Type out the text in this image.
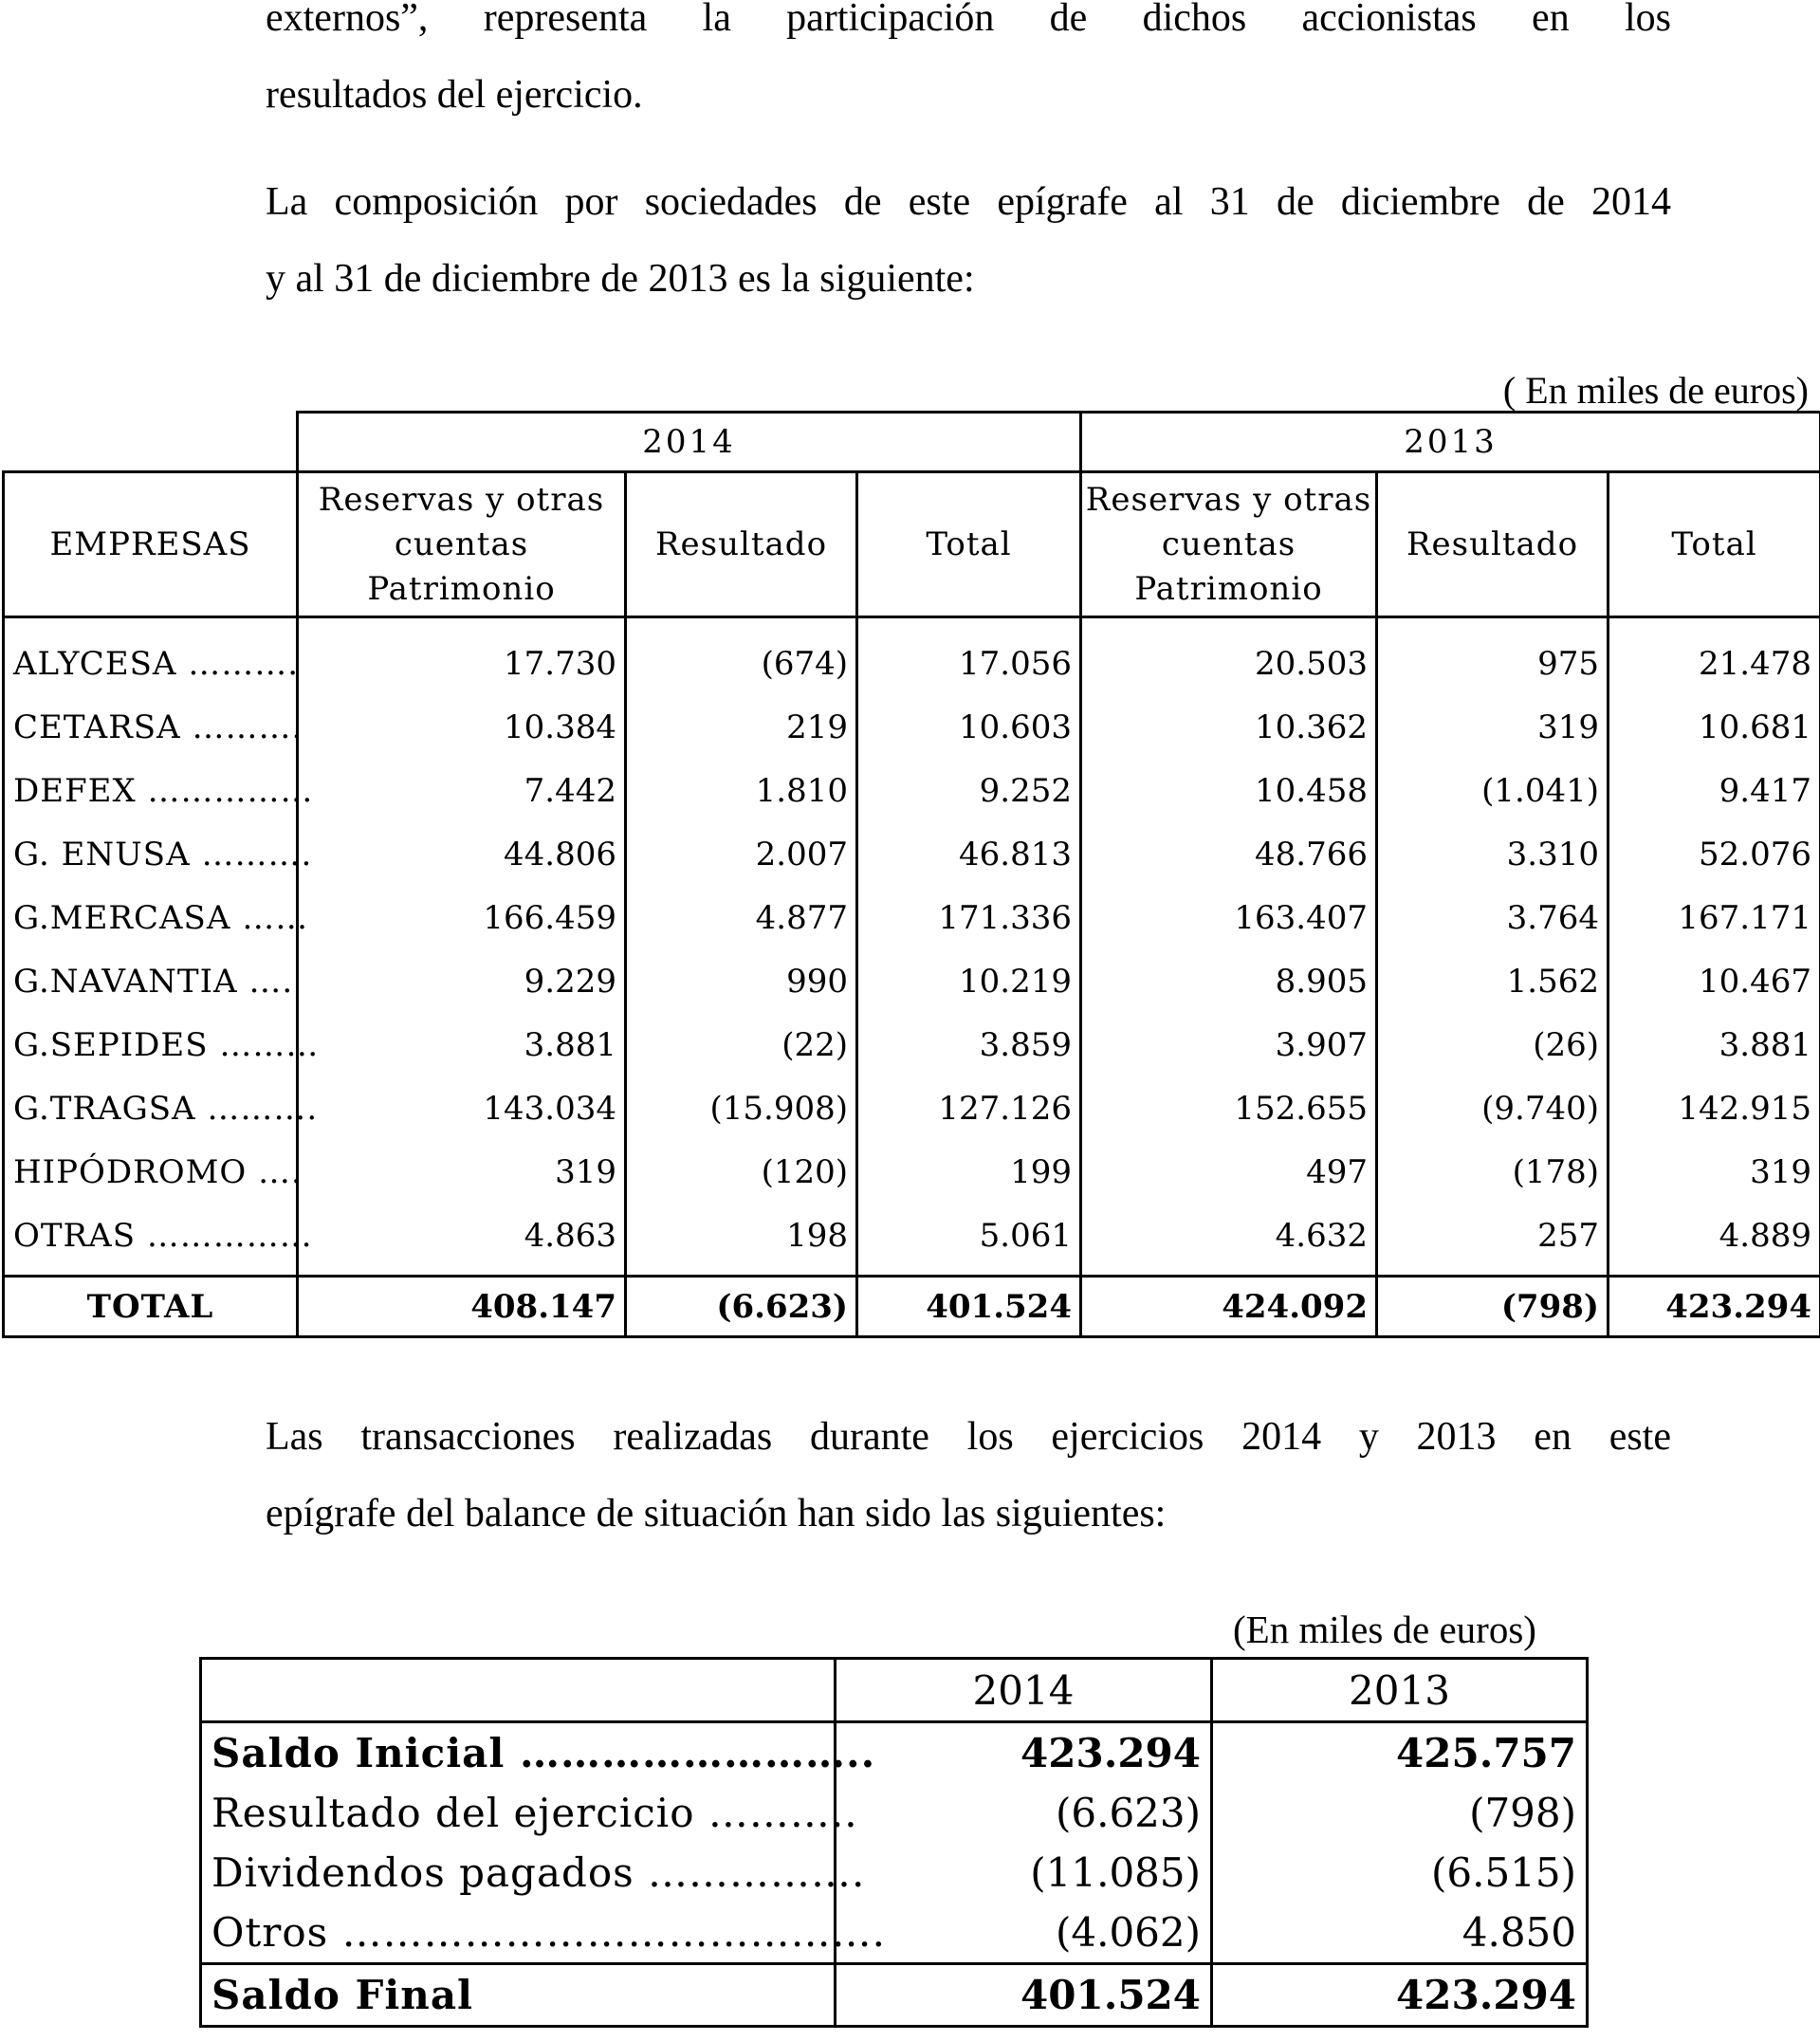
externos”, representa la participación de dichos accionistas en los
resultados del ejercicio.

La composición por sociedades de este epígrafe al 31 de diciembre de 2014
y al 31 de diciembre de 2013 es la siguiente:

( En miles de euros)
	2014			2013		
EMPRESAS	Reservas y otras cuentas Patrimonio	Resultado	Total	Reservas y otras cuentas Patrimonio	Resultado	Total
ALYCESA ……….	17.730	(674)	17.056	20.503	975	21.478
CETARSA ……….	10.384	219	10.603	10.362	319	10.681
DEFEX ……………	7.442	1.810	9.252	10.458	(1.041)	9.417
G. ENUSA ……….	44.806	2.007	46.813	48.766	3.310	52.076
G.MERCASA ……	166.459	4.877	171.336	163.407	3.764	167.171
G.NAVANTIA ….	9.229	990	10.219	8.905	1.562	10.467
G.SEPIDES ………	3.881	(22)	3.859	3.907	(26)	3.881
G.TRAGSA ……….	143.034	(15.908)	127.126	152.655	(9.740)	142.915
HIPÓDROMO ….	319	(120)	199	497	(178)	319
OTRAS ……………	4.863	198	5.061	4.632	257	4.889
TOTAL	408.147	(6.623)	401.524	424.092	(798)	423.294

Las transacciones realizadas durante los ejercicios 2014 y 2013 en este
epígrafe del balance de situación han sido las siguientes:

(En miles de euros)
	2014	2013
Saldo Inicial ……………………..	423.294	425.757
Resultado del ejercicio ………..	(6.623)	(798)
Dividendos pagados …………….	(11.085)	(6.515)
Otros ………………………………….	(4.062)	4.850
Saldo Final	401.524	423.294
